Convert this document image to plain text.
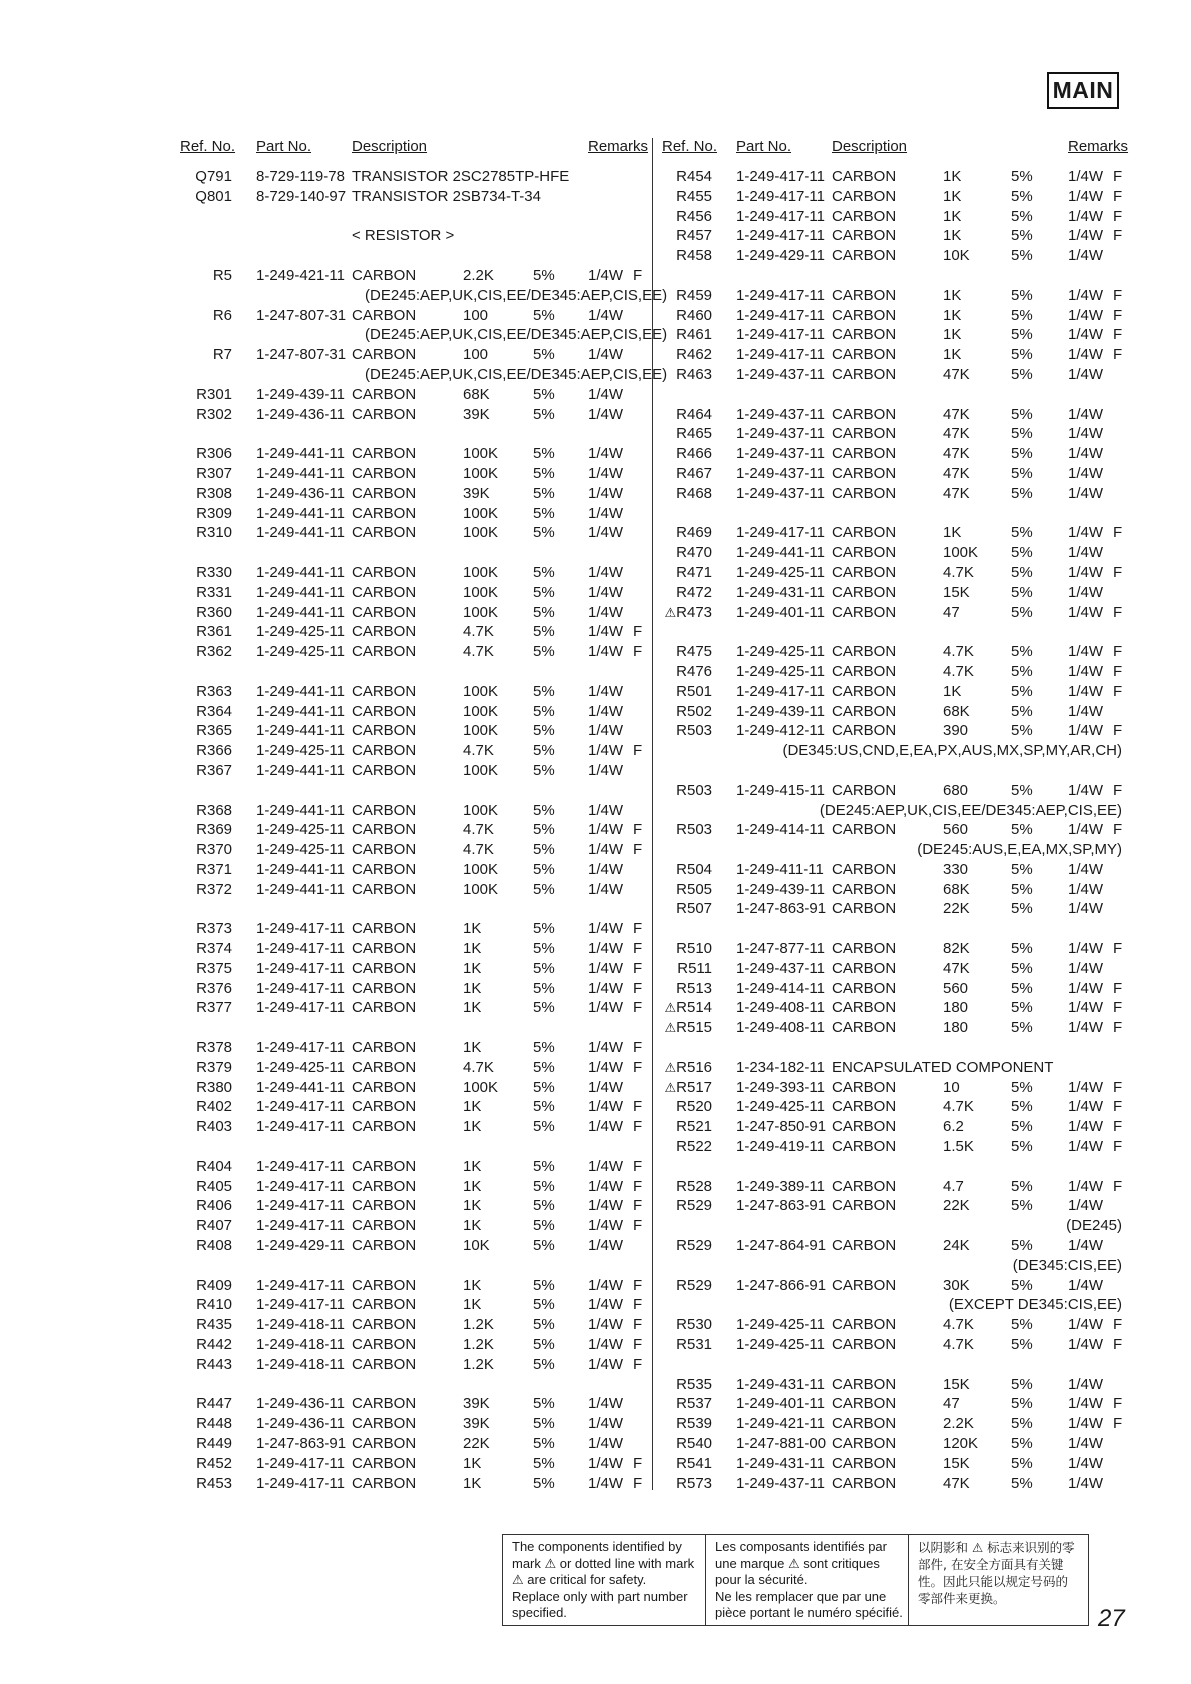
MAIN
Ref. No. Part No.	Description	Remarks
Q791 8-729-119-78 TRANSISTOR 2SC2785TP-HFE
Q801 8-729-140-97 TRANSISTOR 2SB734-T-34
< RESISTOR >
R5 1-249-421-11 CARBON	2.2K	5% 1/4W F
(DE245:AEP,UK,CIS,EE/DE345:AEP,CIS,EE)
R6 1-247-807-31 CARBON	100	5% 1/4W
(DE245:AEP,UK,CIS,EE/DE345:AEP,CIS,EE)
R7 1-247-807-31 CARBON	100	5% 1/4W
(DE245:AEP,UK,CIS,EE/DE345:AEP,CIS,EE)
R301 1-249-439-11 CARBON	68K	5% 1/4W
R302 1-249-436-11 CARBON	39K	5% 1/4W
R306 1-249-441-11 CARBON	100K 5% 1/4W
R307 1-249-441-11 CARBON	100K 5% 1/4W
R308 1-249-436-11 CARBON	39K	5% 1/4W
R309 1-249-441-11 CARBON	100K 5% 1/4W
R310 1-249-441-11 CARBON	100K 5% 1/4W
R330 1-249-441-11 CARBON	100K 5% 1/4W
R331 1-249-441-11 CARBON	100K 5% 1/4W
R360 1-249-441-11 CARBON	100K 5% 1/4W
R361 1-249-425-11 CARBON	4.7K	5% 1/4W F
R362 1-249-425-11 CARBON	4.7K	5% 1/4W F
R363 1-249-441-11 CARBON	100K 5% 1/4W
R364 1-249-441-11 CARBON	100K 5% 1/4W
R365 1-249-441-11 CARBON	100K 5% 1/4W
R366 1-249-425-11 CARBON	4.7K	5% 1/4W F
R367 1-249-441-11 CARBON	100K 5% 1/4W
R368 1-249-441-11 CARBON	100K 5% 1/4W
R369 1-249-425-11 CARBON	4.7K	5% 1/4W F
R370 1-249-425-11 CARBON	4.7K	5% 1/4W F
R371 1-249-441-11 CARBON	100K 5% 1/4W
R372 1-249-441-11 CARBON	100K 5% 1/4W
R373 1-249-417-11 CARBON	1K	5% 1/4W F
R374 1-249-417-11 CARBON	1K	5% 1/4W F
R375 1-249-417-11 CARBON	1K	5% 1/4W F
R376 1-249-417-11 CARBON	1K	5% 1/4W F
R377 1-249-417-11 CARBON	1K	5% 1/4W F
R378 1-249-417-11 CARBON	1K	5% 1/4W F
R379 1-249-425-11 CARBON	4.7K	5% 1/4W F
R380 1-249-441-11 CARBON	100K 5% 1/4W
R402 1-249-417-11 CARBON	1K	5% 1/4W F
R403 1-249-417-11 CARBON	1K	5% 1/4W F
R404 1-249-417-11 CARBON	1K	5% 1/4W F
R405 1-249-417-11 CARBON	1K	5% 1/4W F
R406 1-249-417-11 CARBON	1K	5% 1/4W F
R407 1-249-417-11 CARBON	1K	5% 1/4W F
R408 1-249-429-11 CARBON	10K	5% 1/4W
R409 1-249-417-11 CARBON	1K	5% 1/4W F
R410 1-249-417-11 CARBON	1K	5% 1/4W F
R435 1-249-418-11 CARBON	1.2K	5% 1/4W F
R442 1-249-418-11 CARBON	1.2K	5% 1/4W F
R443 1-249-418-11 CARBON	1.2K	5% 1/4W F
R447 1-249-436-11 CARBON	39K	5% 1/4W
R448 1-249-436-11 CARBON	39K	5% 1/4W
R449 1-247-863-91 CARBON	22K	5% 1/4W
R452 1-249-417-11 CARBON	1K	5% 1/4W F
R453 1-249-417-11 CARBON	1K	5% 1/4W F
Ref. No. Part No.	Description	Remarks
R454 1-249-417-11 CARBON	1K	5% 1/4W F
R455 1-249-417-11 CARBON	1K	5% 1/4W F
R456 1-249-417-11 CARBON	1K	5% 1/4W F
R457 1-249-417-11 CARBON	1K	5% 1/4W F
R458 1-249-429-11 CARBON	10K	5% 1/4W
R459 1-249-417-11 CARBON	1K	5% 1/4W F
R460 1-249-417-11 CARBON	1K	5% 1/4W F
R461 1-249-417-11 CARBON	1K	5% 1/4W F
R462 1-249-417-11 CARBON	1K	5% 1/4W F
R463 1-249-437-11 CARBON	47K	5% 1/4W
R464 1-249-437-11 CARBON	47K	5% 1/4W
R465 1-249-437-11 CARBON	47K	5% 1/4W
R466 1-249-437-11 CARBON	47K	5% 1/4W
R467 1-249-437-11 CARBON	47K	5% 1/4W
R468 1-249-437-11 CARBON	47K	5% 1/4W
R469 1-249-417-11 CARBON	1K	5% 1/4W F
R470 1-249-441-11 CARBON	100K 5% 1/4W
R471 1-249-425-11 CARBON	4.7K 5% 1/4W F
R472 1-249-431-11 CARBON	15K	5% 1/4W
⚠R473 1-249-401-11 CARBON	47	5% 1/4W F
R475 1-249-425-11 CARBON	4.7K 5% 1/4W F
R476 1-249-425-11 CARBON	4.7K 5% 1/4W F
R501 1-249-417-11 CARBON	1K	5% 1/4W F
R502 1-249-439-11 CARBON	68K	5% 1/4W
R503 1-249-412-11 CARBON	390	5% 1/4W F
(DE345:US,CND,E,EA,PX,AUS,MX,SP,MY,AR,CH)
R503 1-249-415-11 CARBON	680	5% 1/4W F
(DE245:AEP,UK,CIS,EE/DE345:AEP,CIS,EE)
R503 1-249-414-11 CARBON	560	5% 1/4W F
(DE245:AUS,E,EA,MX,SP,MY)
R504 1-249-411-11 CARBON	330	5% 1/4W
R505 1-249-439-11 CARBON	68K	5% 1/4W
R507 1-247-863-91 CARBON	22K	5% 1/4W
R510 1-247-877-11 CARBON	82K	5% 1/4W F
R511 1-249-437-11 CARBON	47K	5% 1/4W
R513 1-249-414-11 CARBON	560	5% 1/4W F
⚠R514 1-249-408-11 CARBON	180	5% 1/4W F
⚠R515 1-249-408-11 CARBON	180	5% 1/4W F
⚠R516 1-234-182-11 ENCAPSULATED COMPONENT
⚠R517 1-249-393-11 CARBON	10	5% 1/4W F
R520 1-249-425-11 CARBON	4.7K 5% 1/4W F
R521 1-247-850-91 CARBON	6.2	5% 1/4W F
R522 1-249-419-11 CARBON	1.5K 5% 1/4W F
R528 1-249-389-11 CARBON	4.7	5% 1/4W F
R529 1-247-863-91 CARBON	22K	5% 1/4W
(DE245)
R529 1-247-864-91 CARBON	24K	5% 1/4W
(DE345:CIS,EE)
R529 1-247-866-91 CARBON	30K	5% 1/4W
(EXCEPT DE345:CIS,EE)
R530 1-249-425-11 CARBON	4.7K 5% 1/4W F
R531 1-249-425-11 CARBON	4.7K 5% 1/4W F
R535 1-249-431-11 CARBON	15K	5% 1/4W
R537 1-249-401-11 CARBON	47	5% 1/4W F
R539 1-249-421-11 CARBON	2.2K 5% 1/4W F
R540 1-247-881-00 CARBON	120K 5% 1/4W
R541 1-249-431-11 CARBON	15K	5% 1/4W
R573 1-249-437-11 CARBON	47K	5% 1/4W
The components identified by
mark ⚠ or dotted line with mark
⚠ are critical for safety.
Replace only with part number
specified.
Les composants identifiés par
une marque ⚠ sont critiques
pour la sécurité.
Ne les remplacer que par une
pièce portant le numéro spécifié.
以阴影和 ⚠ 标志来识别的零
部件, 在安全方面具有关键
性。因此只能以规定号码的
零部件来更换。
27
